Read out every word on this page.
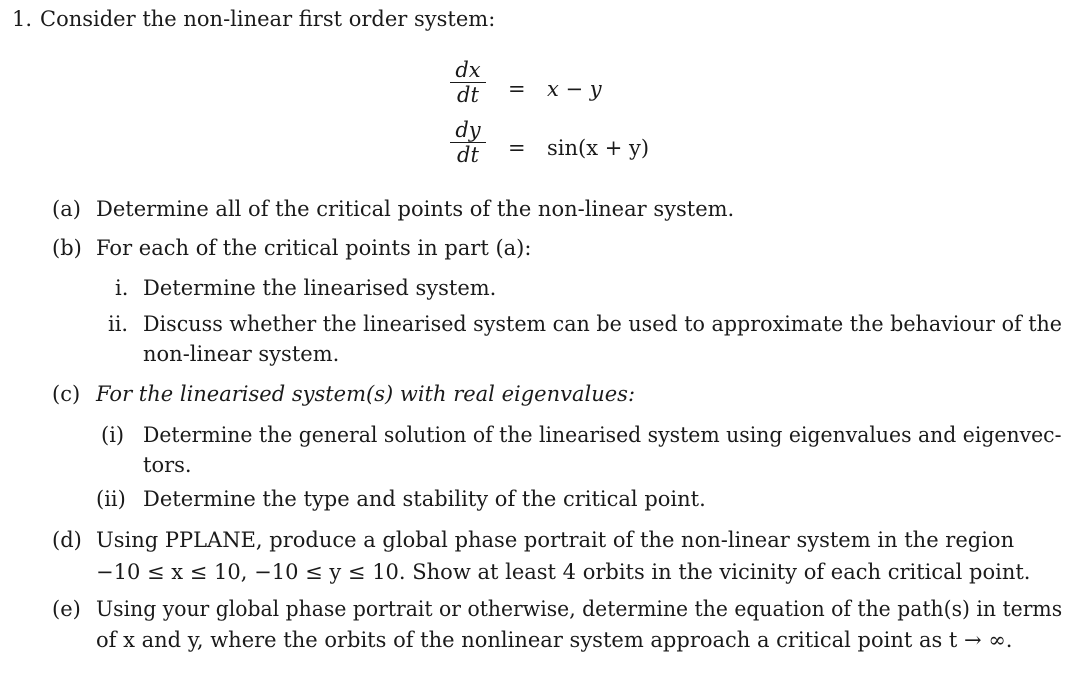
1. Consider the non-linear first order system:
dx
dt	= x − y
dy
dt	= sin(x + y)
(a) Determine all of the critical points of the non-linear system.
(b) For each of the critical points in part (a):
i. Determine the linearised system.
ii. Discuss whether the linearised system can be used to approximate the behaviour of the
non-linear system.
(c) For the linearised system(s) with real eigenvalues:
(i) Determine the general solution of the linearised system using eigenvalues and eigenvec-
tors.
(ii) Determine the type and stability of the critical point.
(d) Using PPLANE, produce a global phase portrait of the non-linear system in the region
−10 ≤ x ≤ 10, −10 ≤ y ≤ 10. Show at least 4 orbits in the vicinity of each critical point.
(e) Using your global phase portrait or otherwise, determine the equation of the path(s) in terms
of x and y, where the orbits of the nonlinear system approach a critical point as t → ∞.
